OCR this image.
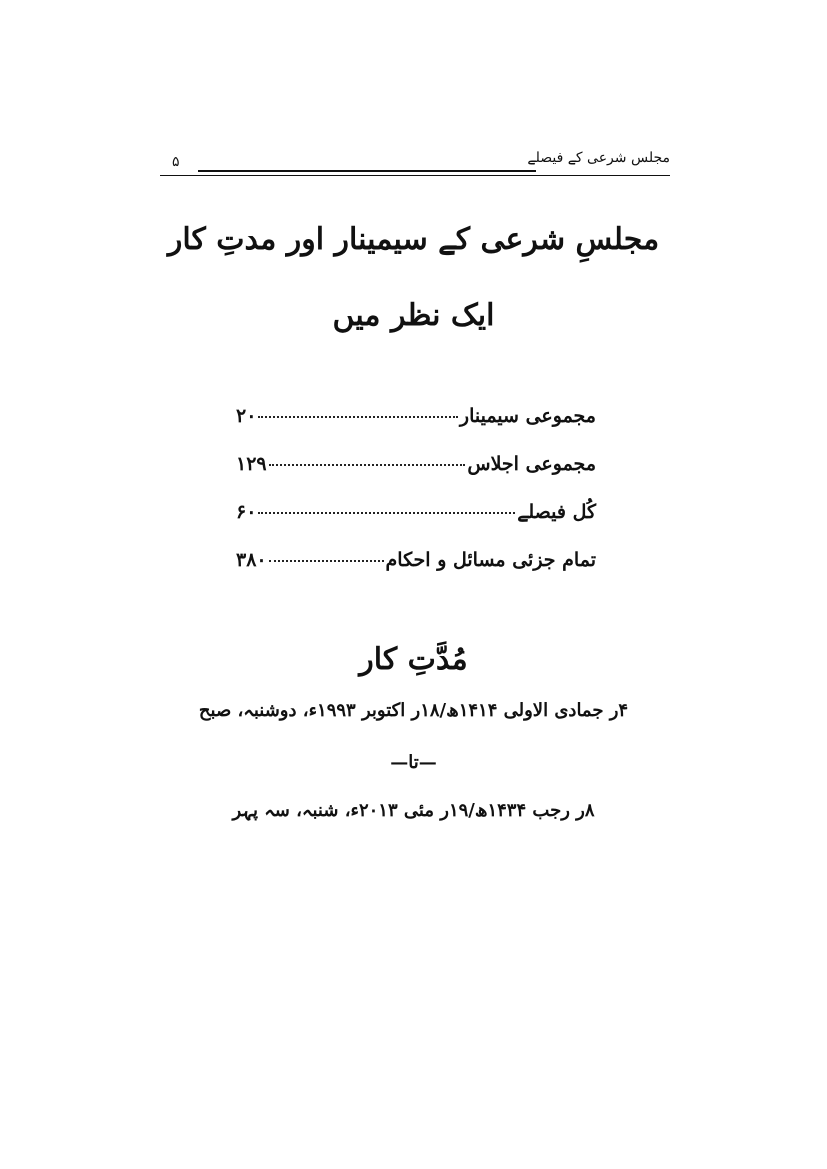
مجلس شرعی کے فیصلے
۵
مجلسِ شرعی کے سیمینار اور مدتِ کار
ایک نظر میں
مجموعی سیمینار
۲۰
مجموعی اجلاس
۱۲۹
کُل فیصلے
۶۰
تمام جزئی مسائل و احکام
۳۸۰
مُدَّتِ کار
۴ر جمادی الاولی ۱۴۱۴ھ/۱۸ر اکتوبر ۱۹۹۳ء، دوشنبہ، صبح
—تا—
۸ر رجب ۱۴۳۴ھ/۱۹ر مئی ۲۰۱۳ء، شنبہ، سہ پہر
